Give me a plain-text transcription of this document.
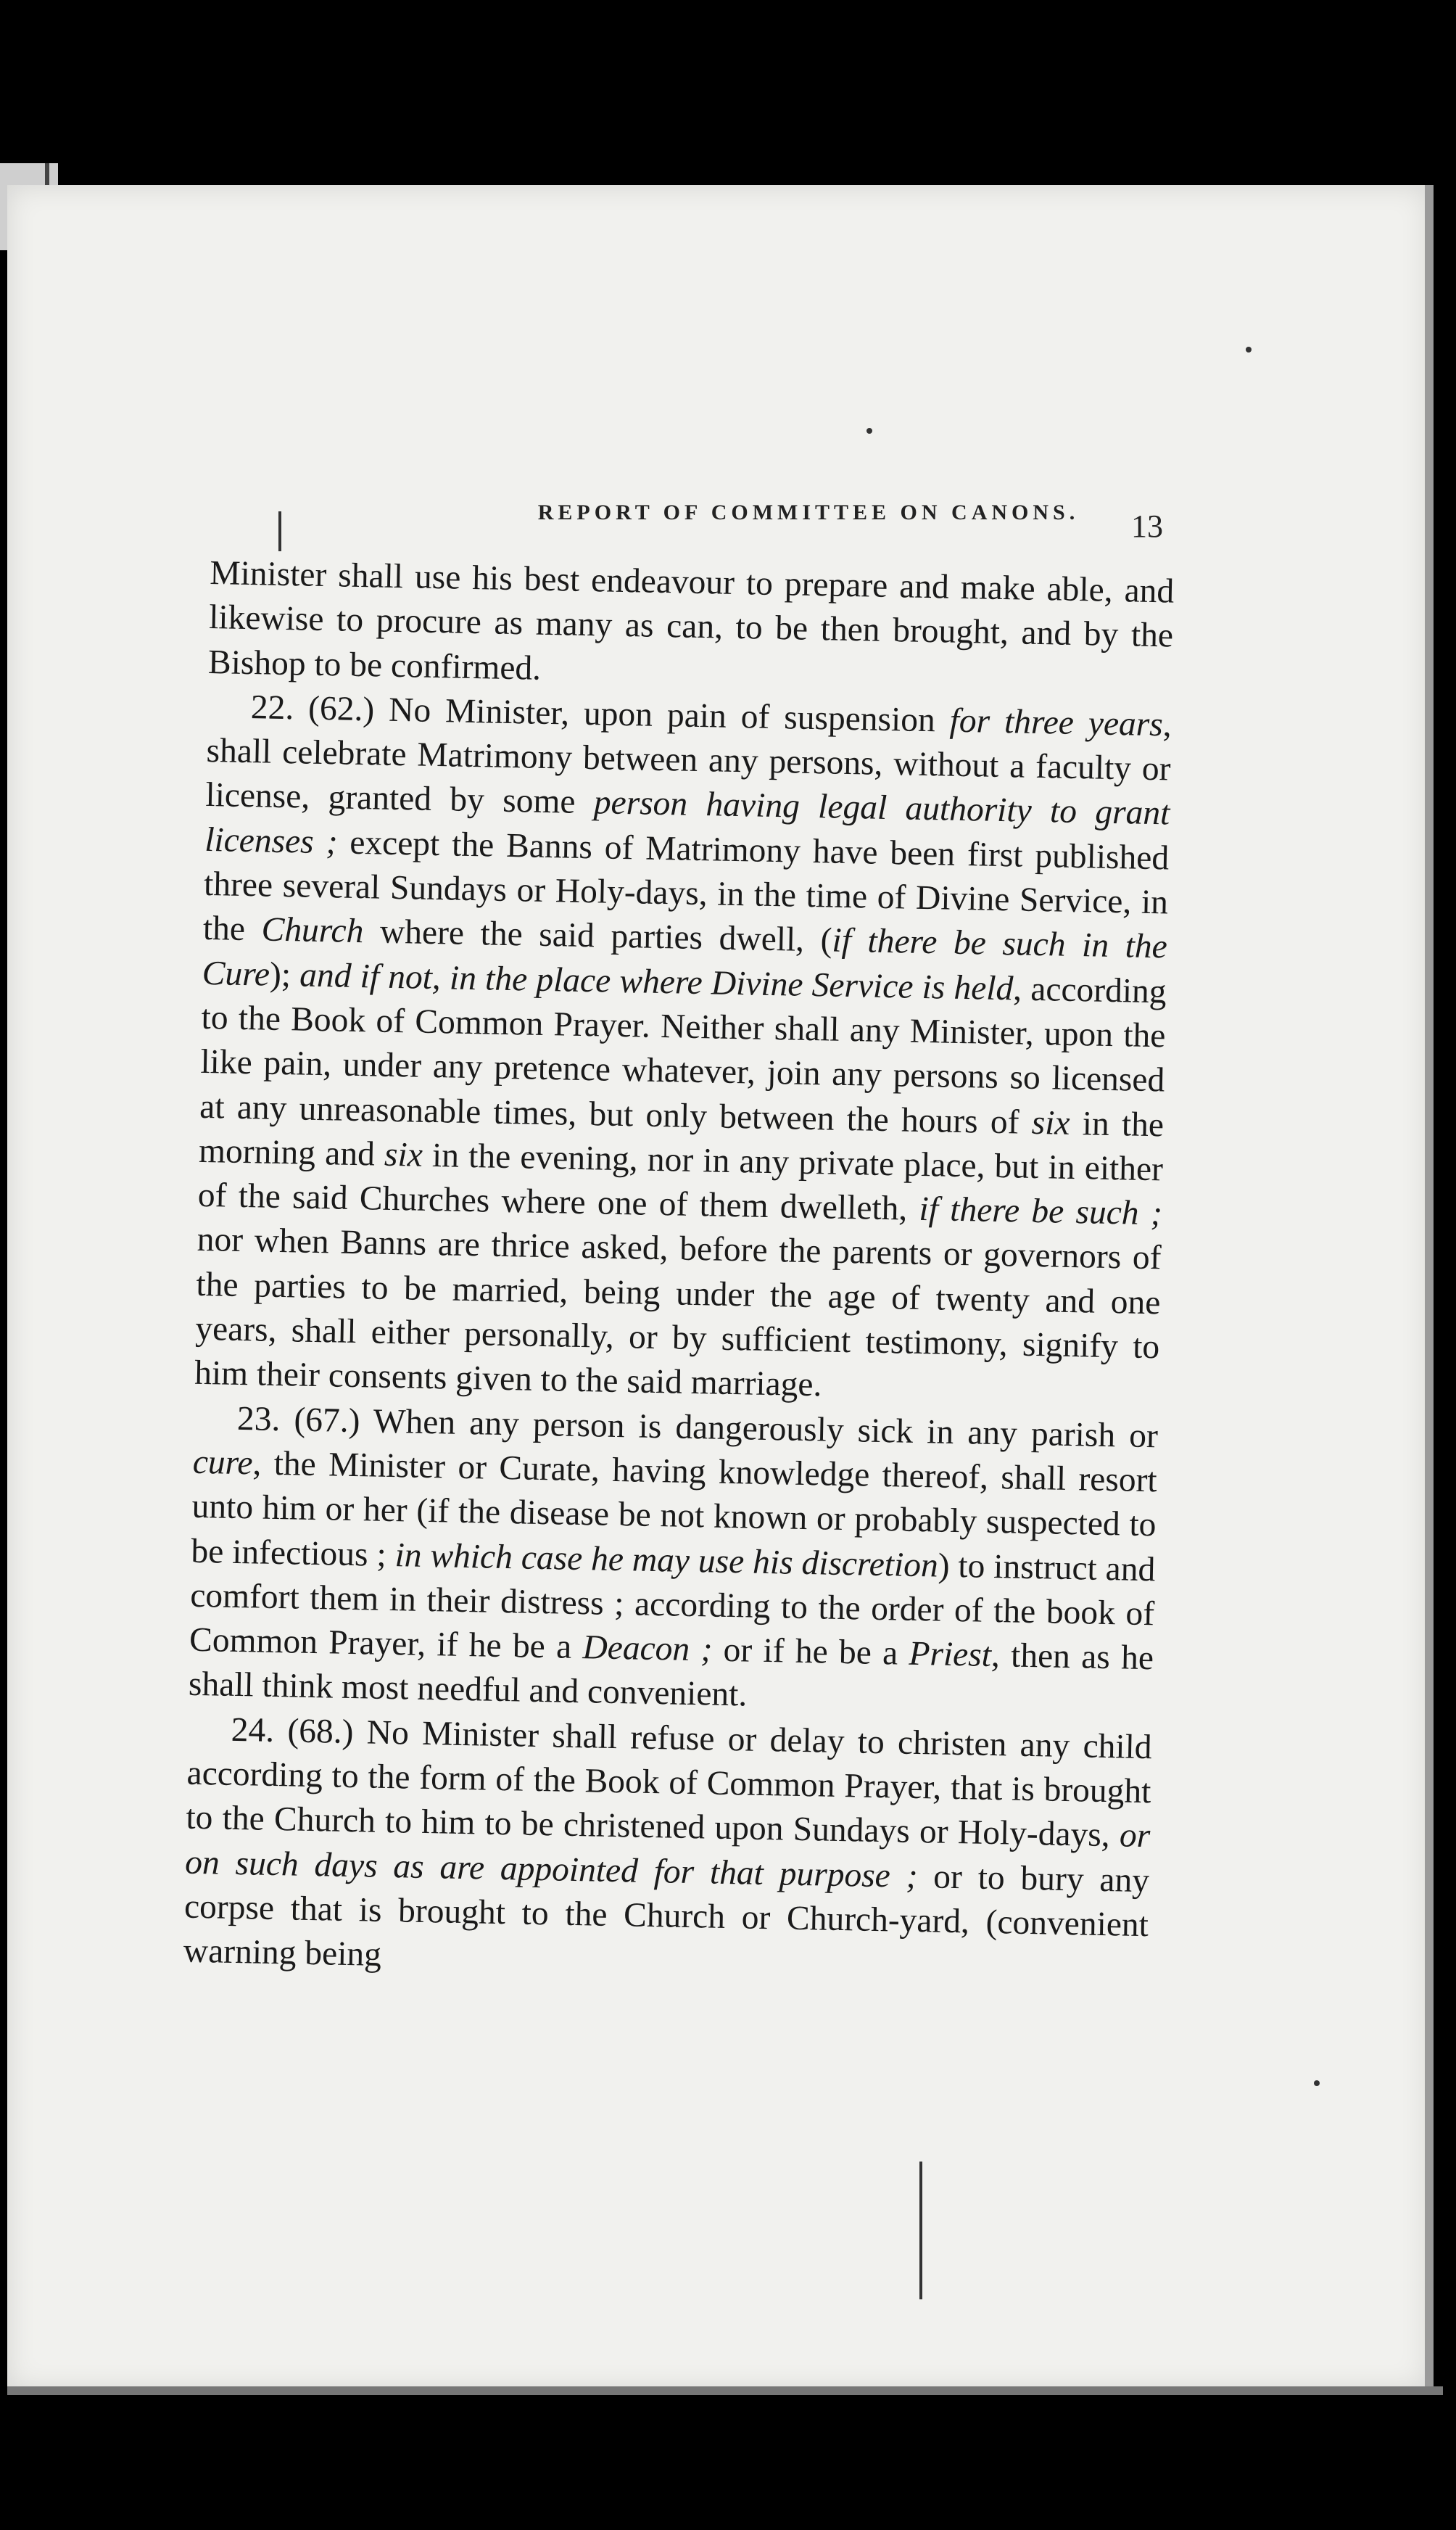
REPORT OF COMMITTEE ON CANONS.	13

Minister shall use his best endeavour to prepare and make able, and likewise to procure as many as can, to be then brought, and by the Bishop to be confirmed.

22. (62.) No Minister, upon pain of suspension for three years, shall celebrate Matrimony between any persons, without a faculty or license, granted by some person having legal authority to grant licenses ; except the Banns of Matrimony have been first published three several Sundays or Holy-days, in the time of Divine Service, in the Church where the said parties dwell, (if there be such in the Cure); and if not, in the place where Divine Service is held, according to the Book of Common Prayer. Neither shall any Minister, upon the like pain, under any pretence whatever, join any persons so licensed at any unreasonable times, but only between the hours of six in the morning and six in the evening, nor in any private place, but in either of the said Churches where one of them dwelleth, if there be such ; nor when Banns are thrice asked, before the parents or governors of the parties to be married, being under the age of twenty and one years, shall either personally, or by sufficient testimony, signify to him their consents given to the said marriage.

23. (67.) When any person is dangerously sick in any parish or cure, the Minister or Curate, having knowledge thereof, shall resort unto him or her (if the disease be not known or probably suspected to be infectious ; in which case he may use his discretion) to instruct and comfort them in their distress ; according to the order of the book of Common Prayer, if he be a Deacon ; or if he be a Priest, then as he shall think most needful and convenient.

24. (68.) No Minister shall refuse or delay to christen any child according to the form of the Book of Common Prayer, that is brought to the Church to him to be christened upon Sundays or Holy-days, or on such days as are appointed for that purpose ; or to bury any corpse that is brought to the Church or Church-yard, (convenient warning being
